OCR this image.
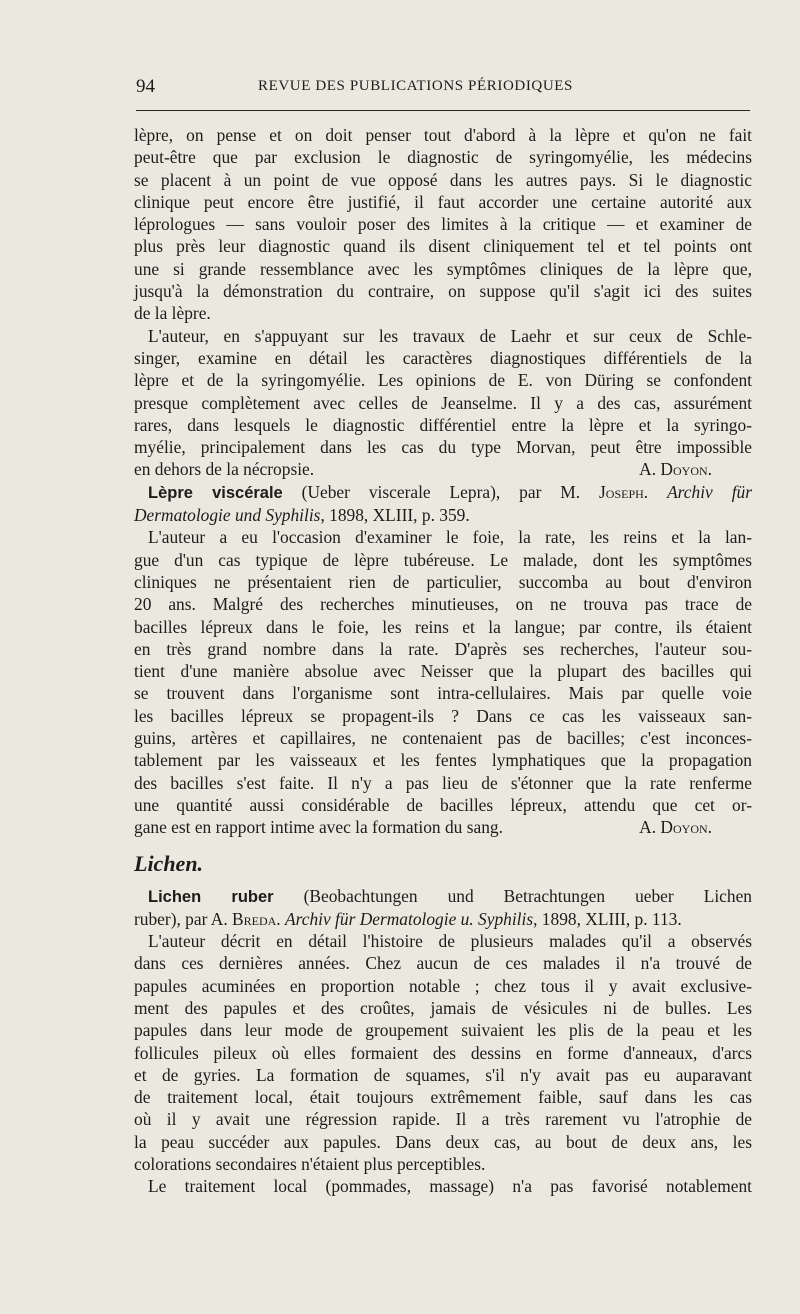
94	REVUE DES PUBLICATIONS PÉRIODIQUES

lèpre, on pense et on doit penser tout d'abord à la lèpre et qu'on ne fait
peut-être que par exclusion le diagnostic de syringomyélie, les médecins
se placent à un point de vue opposé dans les autres pays. Si le diagnostic
clinique peut encore être justifié, il faut accorder une certaine autorité aux
léprologues — sans vouloir poser des limites à la critique — et examiner de
plus près leur diagnostic quand ils disent cliniquement tel et tel points ont
une si grande ressemblance avec les symptômes cliniques de la lèpre que,
jusqu'à la démonstration du contraire, on suppose qu'il s'agit ici des suites
de la lèpre.

L'auteur, en s'appuyant sur les travaux de Laehr et sur ceux de Schle-
singer, examine en détail les caractères diagnostiques différentiels de la
lèpre et de la syringomyélie. Les opinions de E. von Düring se confondent
presque complètement avec celles de Jeanselme. Il y a des cas, assurément
rares, dans lesquels le diagnostic différentiel entre la lèpre et la syringo-
myélie, principalement dans les cas du type Morvan, peut être impossible
en dehors de la nécropsie.	A. Doyon.

Lèpre viscérale (Ueber viscerale Lepra), par M. Joseph. Archiv für
Dermatologie und Syphilis, 1898, XLIII, p. 359.

L'auteur a eu l'occasion d'examiner le foie, la rate, les reins et la lan-
gue d'un cas typique de lèpre tubéreuse. Le malade, dont les symptômes
cliniques ne présentaient rien de particulier, succomba au bout d'environ
20 ans. Malgré des recherches minutieuses, on ne trouva pas trace de
bacilles lépreux dans le foie, les reins et la langue; par contre, ils étaient
en très grand nombre dans la rate. D'après ses recherches, l'auteur sou-
tient d'une manière absolue avec Neisser que la plupart des bacilles qui
se trouvent dans l'organisme sont intra-cellulaires. Mais par quelle voie
les bacilles lépreux se propagent-ils ? Dans ce cas les vaisseaux san-
guins, artères et capillaires, ne contenaient pas de bacilles; c'est inconces-
tablement par les vaisseaux et les fentes lymphatiques que la propagation
des bacilles s'est faite. Il n'y a pas lieu de s'étonner que la rate renferme
une quantité aussi considérable de bacilles lépreux, attendu que cet or-
gane est en rapport intime avec la formation du sang.	A. Doyon.

Lichen.

Lichen ruber (Beobachtungen und Betrachtungen ueber Lichen
ruber), par A. Breda. Archiv für Dermatologie u. Syphilis, 1898, XLIII, p. 113.

L'auteur décrit en détail l'histoire de plusieurs malades qu'il a observés
dans ces dernières années. Chez aucun de ces malades il n'a trouvé de
papules acuminées en proportion notable ; chez tous il y avait exclusive-
ment des papules et des croûtes, jamais de vésicules ni de bulles. Les
papules dans leur mode de groupement suivaient les plis de la peau et les
follicules pileux où elles formaient des dessins en forme d'anneaux, d'arcs
et de gyries. La formation de squames, s'il n'y avait pas eu auparavant
de traitement local, était toujours extrêmement faible, sauf dans les cas
où il y avait une régression rapide. Il a très rarement vu l'atrophie de
la peau succéder aux papules. Dans deux cas, au bout de deux ans, les
colorations secondaires n'étaient plus perceptibles.

Le traitement local (pommades, massage) n'a pas favorisé notablement
